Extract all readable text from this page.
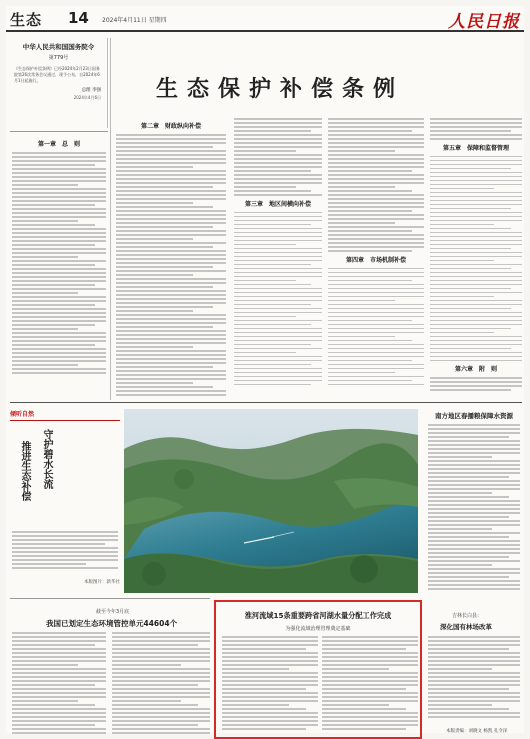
生态 14 2024年4月11日 星期四	人民日报
中华人民共和国国务院令
第779号
《生态保护补偿条例》已经2024年2月23日国务院第26次常务会议通过，现予公布，自2024年6月1日起施行。
总理 李强
2024年4月6日	生态保护补偿条例
第一章　总　则
第二章　财政纵向补偿
第三章　地区间横向补偿
第四章　市场机制补偿
第五章　保障和监督管理
第六章　附　则
倾听自然
守护碧水长流
推进生态补偿
本版图片：新华社
南方地区春播粮保障水资源
截至今年3月底
我国已划定生态环境管控单元44604个
淮河流域15条重要跨省河湖水量分配工作完成
为强化流域治理管理奠定基础
吉林长白县：
深化国有林场改革
本版责编：刘晓文 杨凯 孔令泽
